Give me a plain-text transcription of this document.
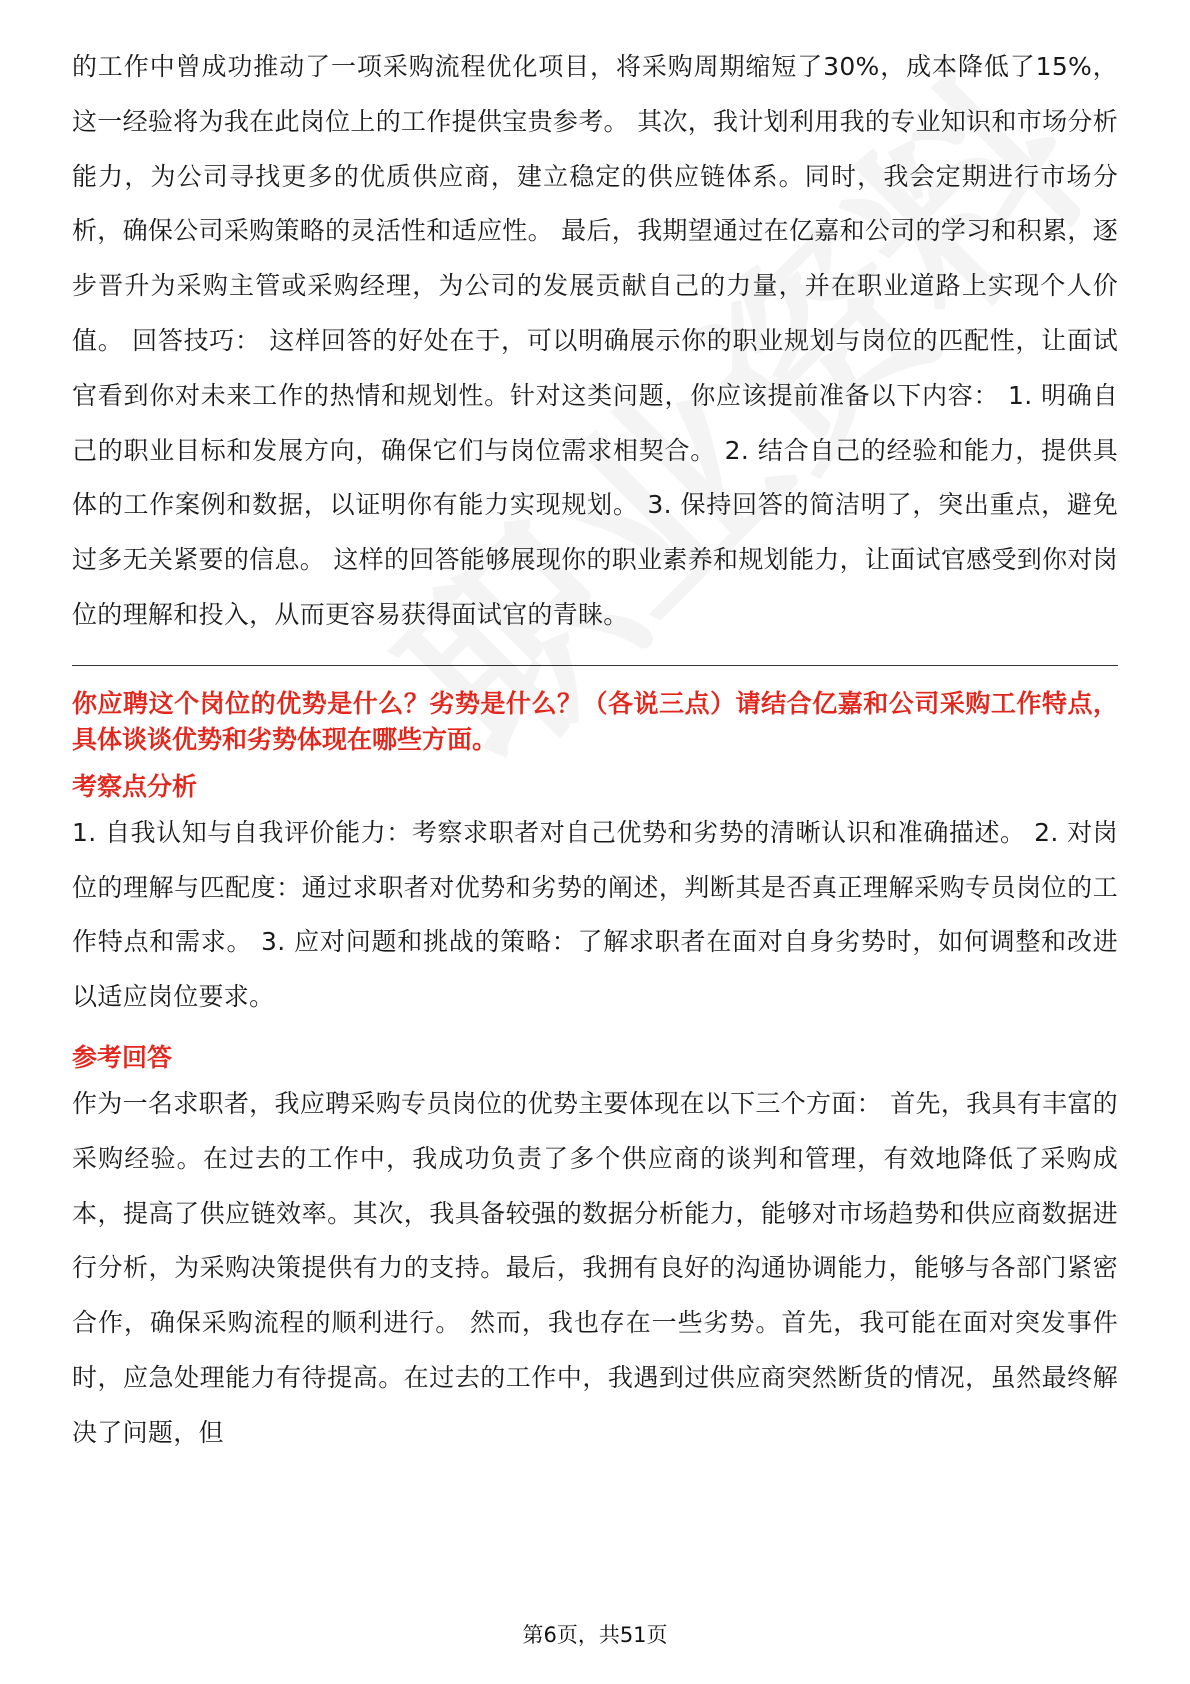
的工作中曾成功推动了一项采购流程优化项目，将采购周期缩短了30%，成本降低了15%，这一经验将为我在此岗位上的工作提供宝贵参考。 其次，我计划利用我的专业知识和市场分析能力，为公司寻找更多的优质供应商，建立稳定的供应链体系。同时，我会定期进行市场分析，确保公司采购策略的灵活性和适应性。 最后，我期望通过在亿嘉和公司的学习和积累，逐步晋升为采购主管或采购经理，为公司的发展贡献自己的力量，并在职业道路上实现个人价值。 回答技巧： 这样回答的好处在于，可以明确展示你的职业规划与岗位的匹配性，让面试官看到你对未来工作的热情和规划性。针对这类问题，你应该提前准备以下内容： 1. 明确自己的职业目标和发展方向，确保它们与岗位需求相契合。 2. 结合自己的经验和能力，提供具体的工作案例和数据，以证明你有能力实现规划。 3. 保持回答的简洁明了，突出重点，避免过多无关紧要的信息。 这样的回答能够展现你的职业素养和规划能力，让面试官感受到你对岗位的理解和投入，从而更容易获得面试官的青睐。

你应聘这个岗位的优势是什么？劣势是什么？（各说三点）请结合亿嘉和公司采购工作特点，具体谈谈优势和劣势体现在哪些方面。

考察点分析

1. 自我认知与自我评价能力：考察求职者对自己优势和劣势的清晰认识和准确描述。 2. 对岗位的理解与匹配度：通过求职者对优势和劣势的阐述，判断其是否真正理解采购专员岗位的工作特点和需求。 3. 应对问题和挑战的策略：了解求职者在面对自身劣势时，如何调整和改进以适应岗位要求。

参考回答

作为一名求职者，我应聘采购专员岗位的优势主要体现在以下三个方面： 首先，我具有丰富的采购经验。在过去的工作中，我成功负责了多个供应商的谈判和管理，有效地降低了采购成本，提高了供应链效率。其次，我具备较强的数据分析能力，能够对市场趋势和供应商数据进行分析，为采购决策提供有力的支持。最后，我拥有良好的沟通协调能力，能够与各部门紧密合作，确保采购流程的顺利进行。 然而，我也存在一些劣势。首先，我可能在面对突发事件时，应急处理能力有待提高。在过去的工作中，我遇到过供应商突然断货的情况，虽然最终解决了问题，但

第6页，共51页
